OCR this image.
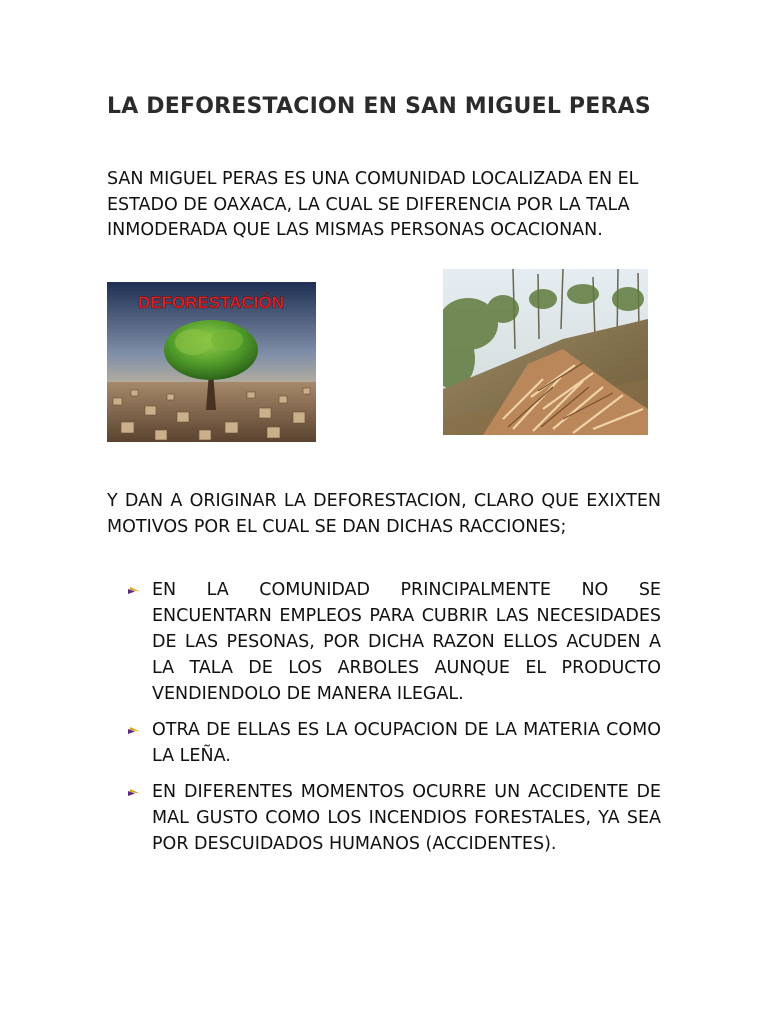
LA DEFORESTACION EN SAN MIGUEL PERAS

SAN MIGUEL PERAS ES UNA COMUNIDAD LOCALIZADA EN EL ESTADO DE OAXACA, LA CUAL SE DIFERENCIA POR LA TALA INMODERADA QUE LAS MISMAS PERSONAS OCACIONAN.

DEFORESTACIÓN

Y DAN A ORIGINAR LA DEFORESTACION, CLARO QUE EXIXTEN MOTIVOS POR EL CUAL SE DAN DICHAS RACCIONES;

EN LA COMUNIDAD PRINCIPALMENTE NO SE ENCUENTARN EMPLEOS PARA CUBRIR LAS NECESIDADES DE LAS PESONAS, POR DICHA RAZON ELLOS ACUDEN A LA TALA DE LOS ARBOLES AUNQUE EL PRODUCTO VENDIENDOLO DE MANERA ILEGAL.
OTRA DE ELLAS ES LA OCUPACION DE LA MATERIA COMO LA LEÑA.
EN DIFERENTES MOMENTOS OCURRE UN ACCIDENTE DE MAL GUSTO COMO LOS INCENDIOS FORESTALES, YA SEA POR DESCUIDADOS HUMANOS (ACCIDENTES).
